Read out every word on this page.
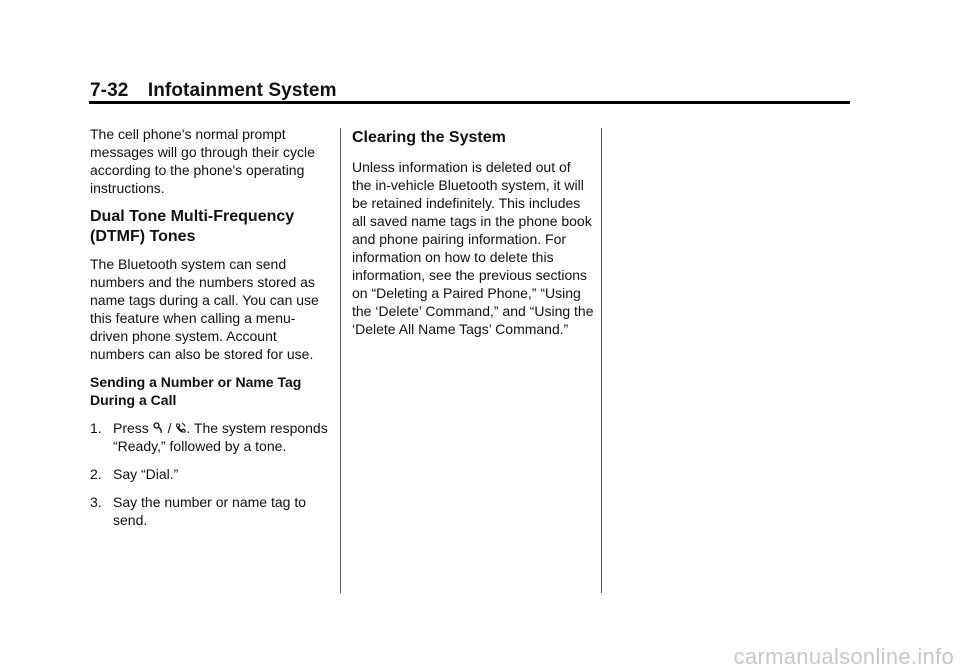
7-32 Infotainment System

The cell phone's normal prompt messages will go through their cycle according to the phone's operating instructions.

Dual Tone Multi-Frequency (DTMF) Tones

The Bluetooth system can send numbers and the numbers stored as name tags during a call. You can use this feature when calling a menu-driven phone system. Account numbers can also be stored for use.

Sending a Number or Name Tag During a Call

1. Press  / . The system responds “Ready,” followed by a tone.
2. Say “Dial.”
3. Say the number or name tag to send.

Clearing the System

Unless information is deleted out of the in-vehicle Bluetooth system, it will be retained indefinitely. This includes all saved name tags in the phone book and phone pairing information. For information on how to delete this information, see the previous sections on “Deleting a Paired Phone,” “Using the ‘Delete’ Command,” and “Using the ‘Delete All Name Tags’ Command.”

carmanualsonline.info
